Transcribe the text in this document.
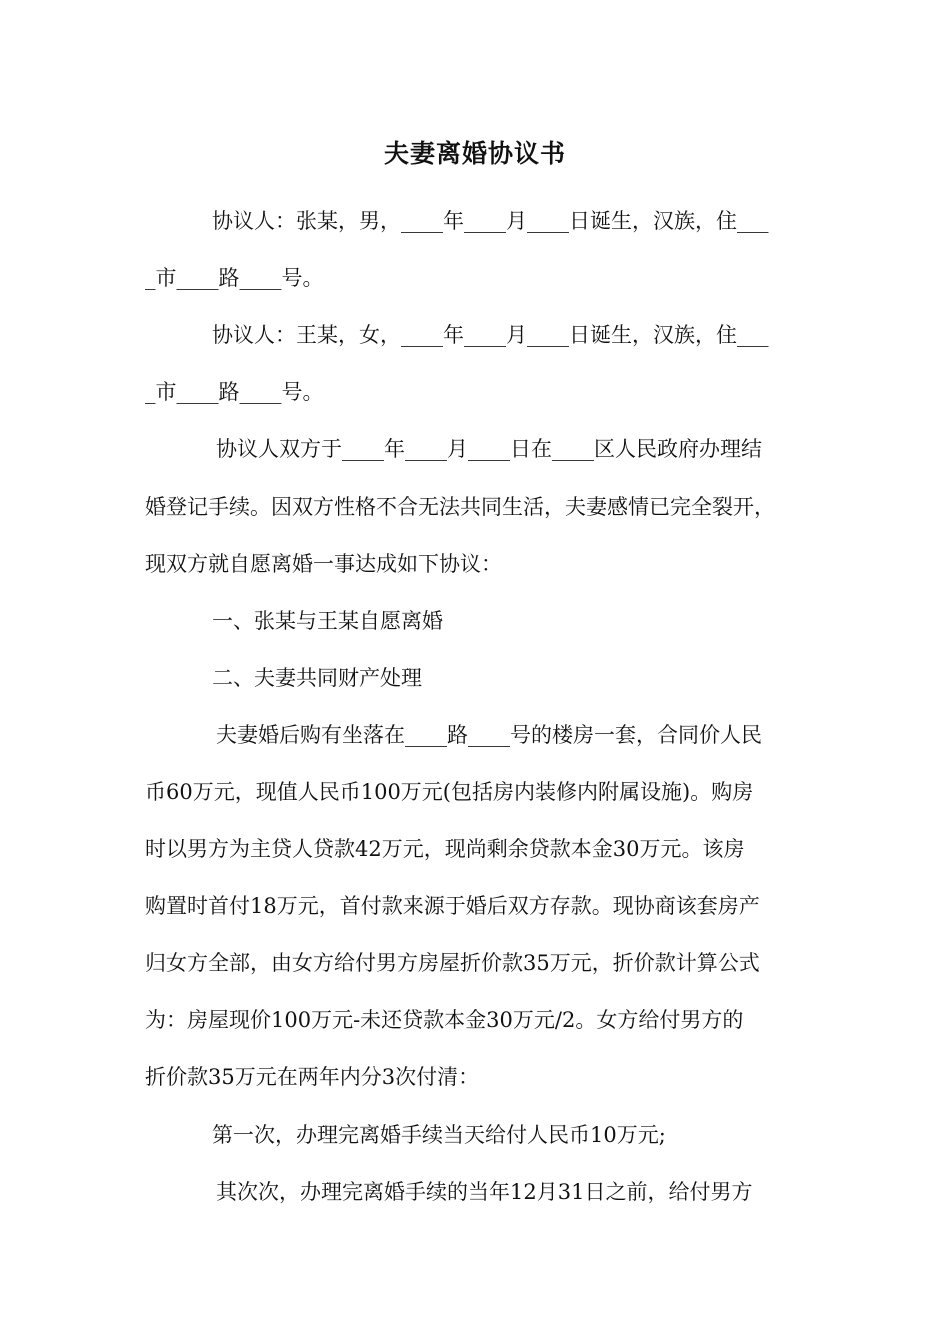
夫妻离婚协议书
协议人：张某，男，____年____月____日诞生，汉族，住___
_市____路____号。
协议人：王某，女，____年____月____日诞生，汉族，住___
_市____路____号。
协议人双方于____年____月____日在____区人民政府办理结
婚登记手续。因双方性格不合无法共同生活，夫妻感情已完全裂开，
现双方就自愿离婚一事达成如下协议：
一、张某与王某自愿离婚
二、夫妻共同财产处理
夫妻婚后购有坐落在____路____号的楼房一套，合同价人民
币60万元，现值人民币100万元(包括房内装修内附属设施)。购房
时以男方为主贷人贷款42万元，现尚剩余贷款本金30万元。该房
购置时首付18万元，首付款来源于婚后双方存款。现协商该套房产
归女方全部，由女方给付男方房屋折价款35万元，折价款计算公式
为：房屋现价100万元-未还贷款本金30万元/2。女方给付男方的
折价款35万元在两年内分3次付清：
第一次，办理完离婚手续当天给付人民币10万元;
其次次，办理完离婚手续的当年12月31日之前，给付男方
